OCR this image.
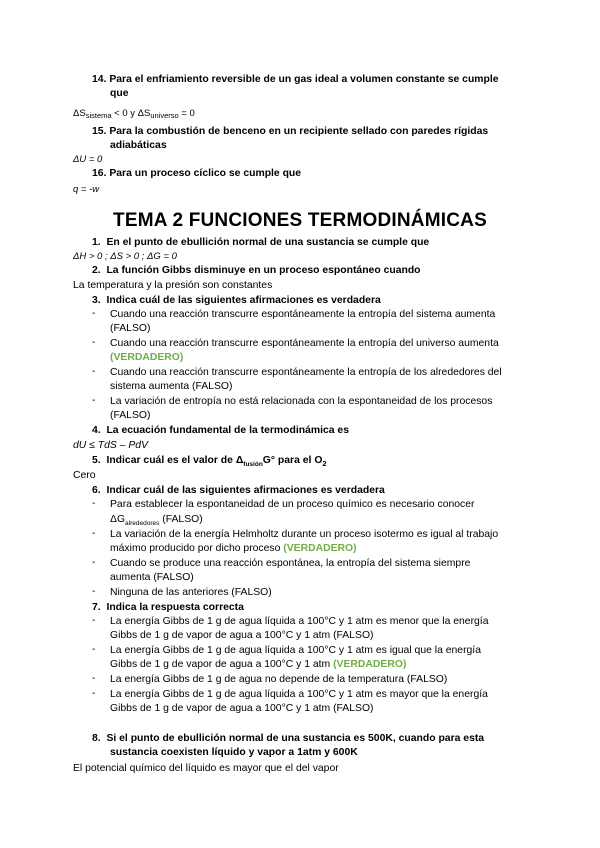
14. Para el enfriamiento reversible de un gas ideal a volumen constante se cumple
que
$\Delta S_{sistema} < 0$ y $\Delta S_{universo} = 0$
15. Para la combustión de benceno en un recipiente sellado con paredes rígidas
adiabáticas
ΔU = 0
16. Para un proceso cíclico se cumple que
q = -w
TEMA 2 FUNCIONES TERMODINÁMICAS
1. En el punto de ebullición normal de una sustancia se cumple que
ΔH > 0 ; ΔS > 0 ; ΔG = 0
2. La función Gibbs disminuye en un proceso espontáneo cuando
La temperatura y la presión son constantes
3. Indica cuál de las siguientes afirmaciones es verdadera
- Cuando una reacción transcurre espontáneamente la entropía del sistema aumenta
(FALSO)
- Cuando una reacción transcurre espontáneamente la entropía del universo aumenta
(VERDADERO)
- Cuando una reacción transcurre espontáneamente la entropía de los alrededores del
sistema aumenta (FALSO)
- La variación de entropía no está relacionada con la espontaneidad de los procesos
(FALSO)
4. La ecuación fundamental de la termodinámica es
dU ≤ TdS – PdV
5. Indicar cuál es el valor de $\Delta_{fusión}G^\circ$ para el $O_2$
Cero
6. Indicar cuál de las siguientes afirmaciones es verdadera
- Para establecer la espontaneidad de un proceso químico es necesario conocer
$\Delta G_{alrededores}$ (FALSO)
- La variación de la energía Helmholtz durante un proceso isotermo es igual al trabajo
máximo producido por dicho proceso (VERDADERO)
- Cuando se produce una reacción espontánea, la entropía del sistema siempre
aumenta (FALSO)
- Ninguna de las anteriores (FALSO)
7. Indica la respuesta correcta
- La energía Gibbs de 1 g de agua líquida a 100°C y 1 atm es menor que la energía
Gibbs de 1 g de vapor de agua a 100°C y 1 atm (FALSO)
- La energía Gibbs de 1 g de agua líquida a 100°C y 1 atm es igual que la energía
Gibbs de 1 g de vapor de agua a 100°C y 1 atm (VERDADERO)
- La energía Gibbs de 1 g de agua no depende de la temperatura (FALSO)
- La energía Gibbs de 1 g de agua líquida a 100°C y 1 atm es mayor que la energía
Gibbs de 1 g de vapor de agua a 100°C y 1 atm (FALSO)
8. Si el punto de ebullición normal de una sustancia es 500K, cuando para esta
sustancia coexisten líquido y vapor a 1atm y 600K
El potencial químico del líquido es mayor que el del vapor
